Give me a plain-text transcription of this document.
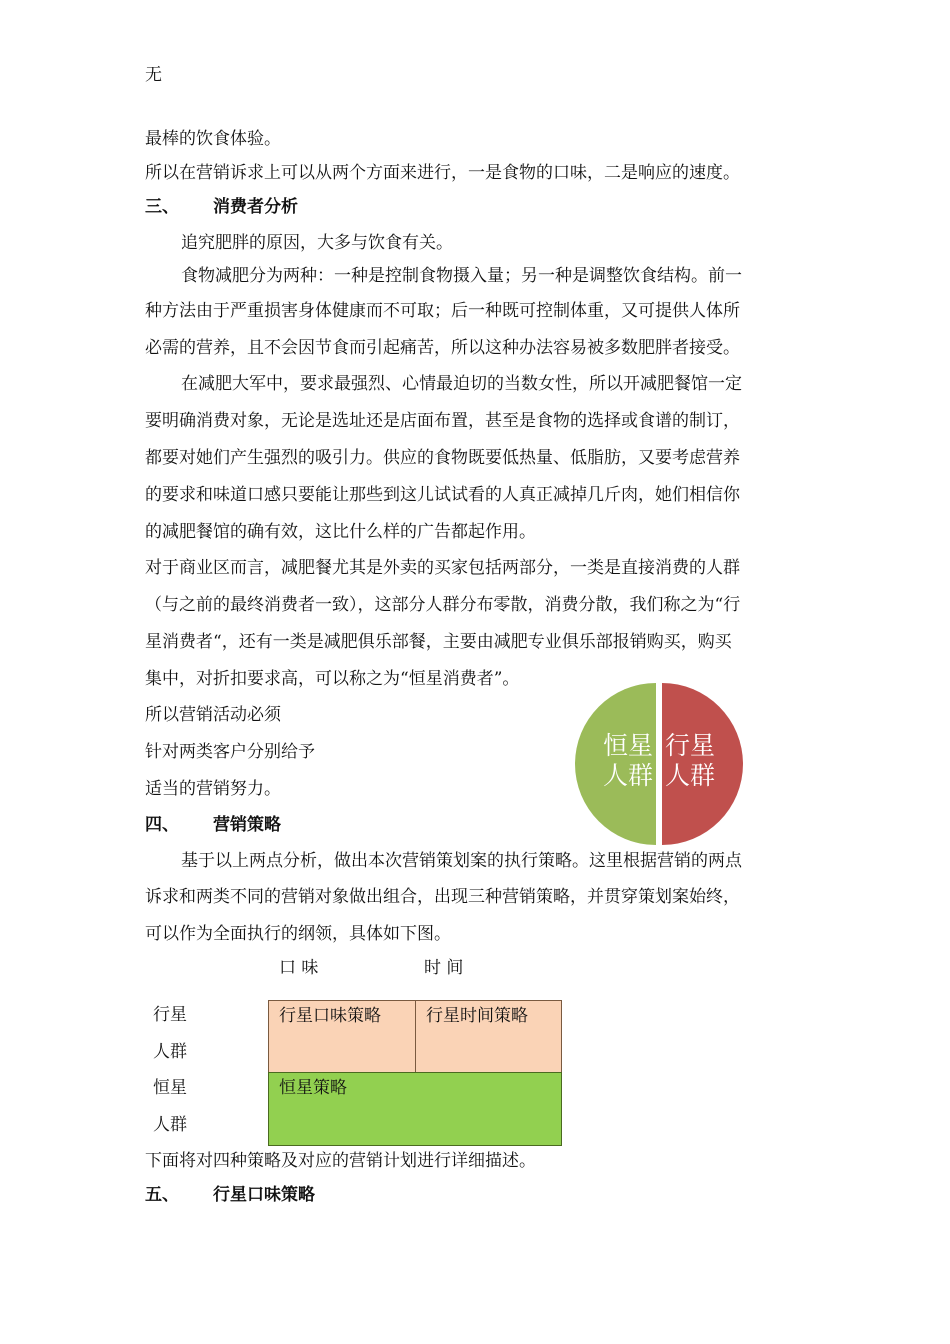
无
最棒的饮食体验。
所以在营销诉求上可以从两个方面来进行，一是食物的口味，二是响应的速度。
三、 消费者分析
追究肥胖的原因，大多与饮食有关。
食物减肥分为两种：一种是控制食物摄入量；另一种是调整饮食结构。前一
种方法由于严重损害身体健康而不可取；后一种既可控制体重，又可提供人体所
必需的营养，且不会因节食而引起痛苦，所以这种办法容易被多数肥胖者接受。
在减肥大军中，要求最强烈、心情最迫切的当数女性，所以开减肥餐馆一定
要明确消费对象，无论是选址还是店面布置，甚至是食物的选择或食谱的制订，
都要对她们产生强烈的吸引力。供应的食物既要低热量、低脂肪，又要考虑营养
的要求和味道口感只要能让那些到这儿试试看的人真正减掉几斤肉，她们相信你
的减肥餐馆的确有效，这比什么样的广告都起作用。
对于商业区而言，减肥餐尤其是外卖的买家包括两部分，一类是直接消费的人群
（与之前的最终消费者一致），这部分人群分布零散，消费分散，我们称之为“行
星消费者“，还有一类是减肥俱乐部餐，主要由减肥专业俱乐部报销购买，购买
集中，对折扣要求高，可以称之为“恒星消费者”。
所以营销活动必须
针对两类客户分别给予
适当的营销努力。
恒星
人群
行星
人群
四、 营销策略
基于以上两点分析，做出本次营销策划案的执行策略。这里根据营销的两点
诉求和两类不同的营销对象做出组合，出现三种营销策略，并贯穿策划案始终，
可以作为全面执行的纲领，具体如下图。
口 味	时 间
行星
人群
恒星
人群
行星口味策略	行星时间策略
恒星策略
下面将对四种策略及对应的营销计划进行详细描述。
五、 行星口味策略
